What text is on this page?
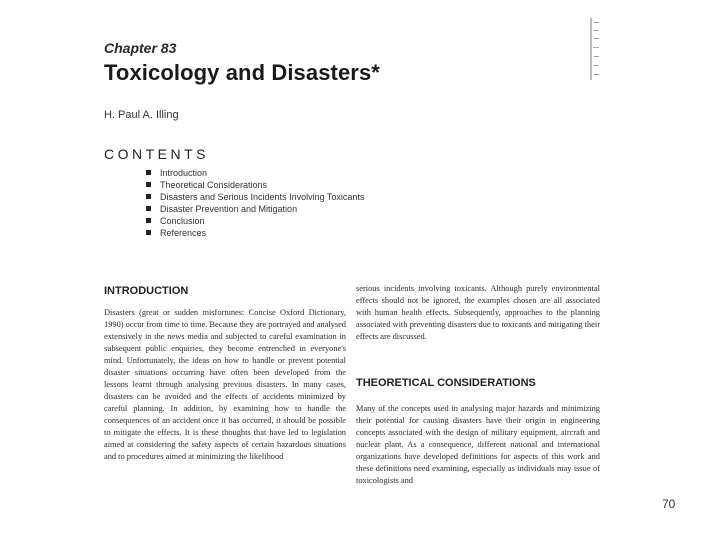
Chapter 83
Toxicology and Disasters*
H. Paul A. Illing
CONTENTS
Introduction
Theoretical Considerations
Disasters and Serious Incidents Involving Toxicants
Disaster Prevention and Mitigation
Conclusion
References
INTRODUCTION

Disasters (great or sudden misfortunes: Concise Oxford Dictionary, 1990) occur from time to time. Because they are portrayed and analysed extensively in the news media and subjected to careful examination in subsequent public enquiries, they become entrenched in everyone's mind. Unfortunately, the ideas on how to handle or prevent potential disaster situations occurring have often been developed from the lessons learnt through analysing previous disasters. In many cases, disasters can be avoided and the effects of accidents minimized by careful planning. In addition, by examining how to handle the consequences of an accident once it has occurred, it should be possible to mitigate the effects. It is these thoughts that have led to legislation aimed at considering the safety aspects of certain hazardous situations and to procedures aimed at minimizing the likelihood

serious incidents involving toxicants. Although purely environmental effects should not be ignored, the examples chosen are all associated with human health effects. Subsequently, approaches to the planning associated with preventing disasters due to toxicants and mitigating their effects are discussed.

THEORETICAL CONSIDERATIONS

Many of the concepts used in analysing major hazards and minimizing their potential for causing disasters have their origin in engineering concepts associated with the design of military equipment, aircraft and nuclear plant. As a consequence, different national and international organizations have developed definitions for aspects of this work and these definitions need examining, especially as individuals may issue of toxicologists and

70
